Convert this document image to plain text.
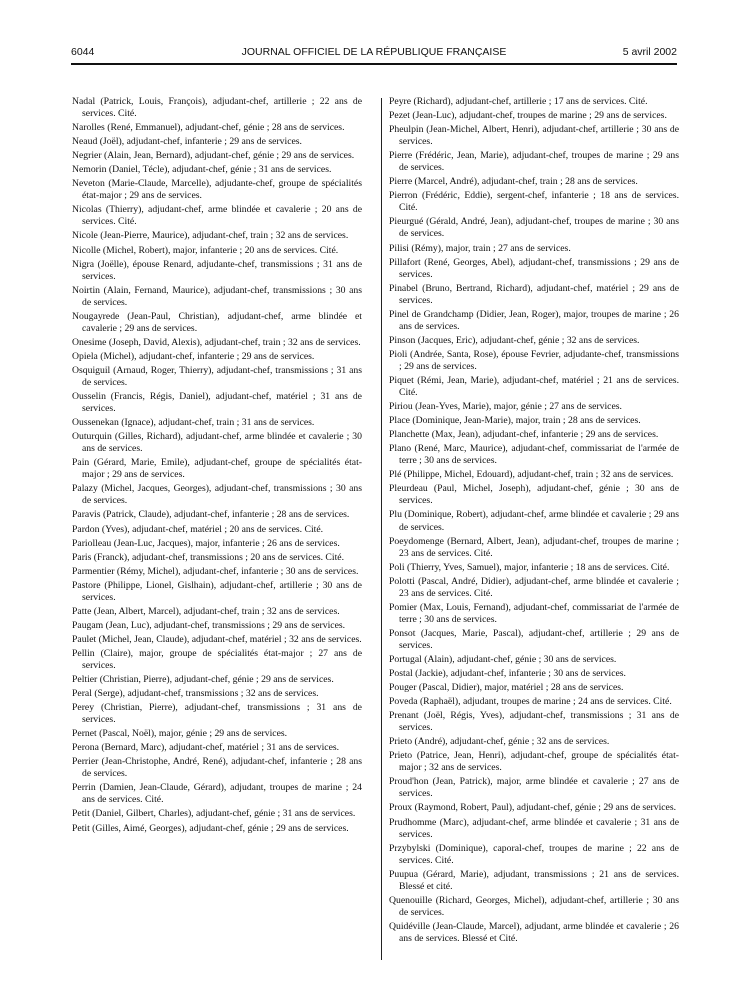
6044	JOURNAL OFFICIEL DE LA RÉPUBLIQUE FRANÇAISE	5 avril 2002

Nadal (Patrick, Louis, François), adjudant-chef, artillerie ; 22 ans de services. Cité.

Narolles (René, Emmanuel), adjudant-chef, génie ; 28 ans de services.

Neaud (Joël), adjudant-chef, infanterie ; 29 ans de services.

Negrier (Alain, Jean, Bernard), adjudant-chef, génie ; 29 ans de services.

Nemorin (Daniel, Técle), adjudant-chef, génie ; 31 ans de services.

Neveton (Marie-Claude, Marcelle), adjudante-chef, groupe de spécialités état-major ; 29 ans de services.

Nicolas (Thierry), adjudant-chef, arme blindée et cavalerie ; 20 ans de services. Cité.

Nicole (Jean-Pierre, Maurice), adjudant-chef, train ; 32 ans de services.

Nicolle (Michel, Robert), major, infanterie ; 20 ans de services. Cité.

Nigra (Joëlle), épouse Renard, adjudante-chef, transmissions ; 31 ans de services.

Noirtin (Alain, Fernand, Maurice), adjudant-chef, transmissions ; 30 ans de services.

Nougayrede (Jean-Paul, Christian), adjudant-chef, arme blindée et cavalerie ; 29 ans de services.

Onesime (Joseph, David, Alexis), adjudant-chef, train ; 32 ans de services.

Opiela (Michel), adjudant-chef, infanterie ; 29 ans de services.

Osquiguil (Arnaud, Roger, Thierry), adjudant-chef, transmissions ; 31 ans de services.

Ousselin (Francis, Régis, Daniel), adjudant-chef, matériel ; 31 ans de services.

Oussenekan (Ignace), adjudant-chef, train ; 31 ans de services.

Outurquin (Gilles, Richard), adjudant-chef, arme blindée et cavalerie ; 30 ans de services.

Pain (Gérard, Marie, Emile), adjudant-chef, groupe de spécialités état-major ; 29 ans de services.

Palazy (Michel, Jacques, Georges), adjudant-chef, transmissions ; 30 ans de services.

Paravis (Patrick, Claude), adjudant-chef, infanterie ; 28 ans de services.

Pardon (Yves), adjudant-chef, matériel ; 20 ans de services. Cité.

Pariolleau (Jean-Luc, Jacques), major, infanterie ; 26 ans de services.

Paris (Franck), adjudant-chef, transmissions ; 20 ans de services. Cité.

Parmentier (Rémy, Michel), adjudant-chef, infanterie ; 30 ans de services.

Pastore (Philippe, Lionel, Gislhain), adjudant-chef, artillerie ; 30 ans de services.

Patte (Jean, Albert, Marcel), adjudant-chef, train ; 32 ans de services.

Paugam (Jean, Luc), adjudant-chef, transmissions ; 29 ans de services.

Paulet (Michel, Jean, Claude), adjudant-chef, matériel ; 32 ans de services.

Pellin (Claire), major, groupe de spécialités état-major ; 27 ans de services.

Peltier (Christian, Pierre), adjudant-chef, génie ; 29 ans de services.

Peral (Serge), adjudant-chef, transmissions ; 32 ans de services.

Perey (Christian, Pierre), adjudant-chef, transmissions ; 31 ans de services.

Pernet (Pascal, Noël), major, génie ; 29 ans de services.

Perona (Bernard, Marc), adjudant-chef, matériel ; 31 ans de services.

Perrier (Jean-Christophe, André, René), adjudant-chef, infanterie ; 28 ans de services.

Perrin (Damien, Jean-Claude, Gérard), adjudant, troupes de marine ; 24 ans de services. Cité.

Petit (Daniel, Gilbert, Charles), adjudant-chef, génie ; 31 ans de services.

Petit (Gilles, Aimé, Georges), adjudant-chef, génie ; 29 ans de services.

Peyre (Richard), adjudant-chef, artillerie ; 17 ans de services. Cité.

Pezet (Jean-Luc), adjudant-chef, troupes de marine ; 29 ans de services.

Pheulpin (Jean-Michel, Albert, Henri), adjudant-chef, artillerie ; 30 ans de services.

Pierre (Frédéric, Jean, Marie), adjudant-chef, troupes de marine ; 29 ans de services.

Pierre (Marcel, André), adjudant-chef, train ; 28 ans de services.

Pierron (Frédéric, Eddie), sergent-chef, infanterie ; 18 ans de services. Cité.

Pieurgué (Gérald, André, Jean), adjudant-chef, troupes de marine ; 30 ans de services.

Pilisi (Rémy), major, train ; 27 ans de services.

Pillafort (René, Georges, Abel), adjudant-chef, transmissions ; 29 ans de services.

Pinabel (Bruno, Bertrand, Richard), adjudant-chef, matériel ; 29 ans de services.

Pinel de Grandchamp (Didier, Jean, Roger), major, troupes de marine ; 26 ans de services.

Pinson (Jacques, Eric), adjudant-chef, génie ; 32 ans de services.

Pioli (Andrée, Santa, Rose), épouse Fevrier, adjudante-chef, transmissions ; 29 ans de services.

Piquet (Rémi, Jean, Marie), adjudant-chef, matériel ; 21 ans de services. Cité.

Piriou (Jean-Yves, Marie), major, génie ; 27 ans de services.

Place (Dominique, Jean-Marie), major, train ; 28 ans de services.

Planchette (Max, Jean), adjudant-chef, infanterie ; 29 ans de services.

Plano (René, Marc, Maurice), adjudant-chef, commissariat de l'armée de terre ; 30 ans de services.

Plé (Philippe, Michel, Edouard), adjudant-chef, train ; 32 ans de services.

Pleurdeau (Paul, Michel, Joseph), adjudant-chef, génie ; 30 ans de services.

Plu (Dominique, Robert), adjudant-chef, arme blindée et cavalerie ; 29 ans de services.

Poeydomenge (Bernard, Albert, Jean), adjudant-chef, troupes de marine ; 23 ans de services. Cité.

Poli (Thierry, Yves, Samuel), major, infanterie ; 18 ans de services. Cité.

Polotti (Pascal, André, Didier), adjudant-chef, arme blindée et cavalerie ; 23 ans de services. Cité.

Pomier (Max, Louis, Fernand), adjudant-chef, commissariat de l'armée de terre ; 30 ans de services.

Ponsot (Jacques, Marie, Pascal), adjudant-chef, artillerie ; 29 ans de services.

Portugal (Alain), adjudant-chef, génie ; 30 ans de services.

Postal (Jackie), adjudant-chef, infanterie ; 30 ans de services.

Pouger (Pascal, Didier), major, matériel ; 28 ans de services.

Poveda (Raphaël), adjudant, troupes de marine ; 24 ans de services. Cité.

Prenant (Joël, Régis, Yves), adjudant-chef, transmissions ; 31 ans de services.

Prieto (André), adjudant-chef, génie ; 32 ans de services.

Prieto (Patrice, Jean, Henri), adjudant-chef, groupe de spécialités état-major ; 32 ans de services.

Proud'hon (Jean, Patrick), major, arme blindée et cavalerie ; 27 ans de services.

Proux (Raymond, Robert, Paul), adjudant-chef, génie ; 29 ans de services.

Prudhomme (Marc), adjudant-chef, arme blindée et cavalerie ; 31 ans de services.

Przybylski (Dominique), caporal-chef, troupes de marine ; 22 ans de services. Cité.

Puupua (Gérard, Marie), adjudant, transmissions ; 21 ans de services. Blessé et cité.

Quenouille (Richard, Georges, Michel), adjudant-chef, artillerie ; 30 ans de services.

Quidéville (Jean-Claude, Marcel), adjudant, arme blindée et cavalerie ; 26 ans de services. Blessé et Cité.
